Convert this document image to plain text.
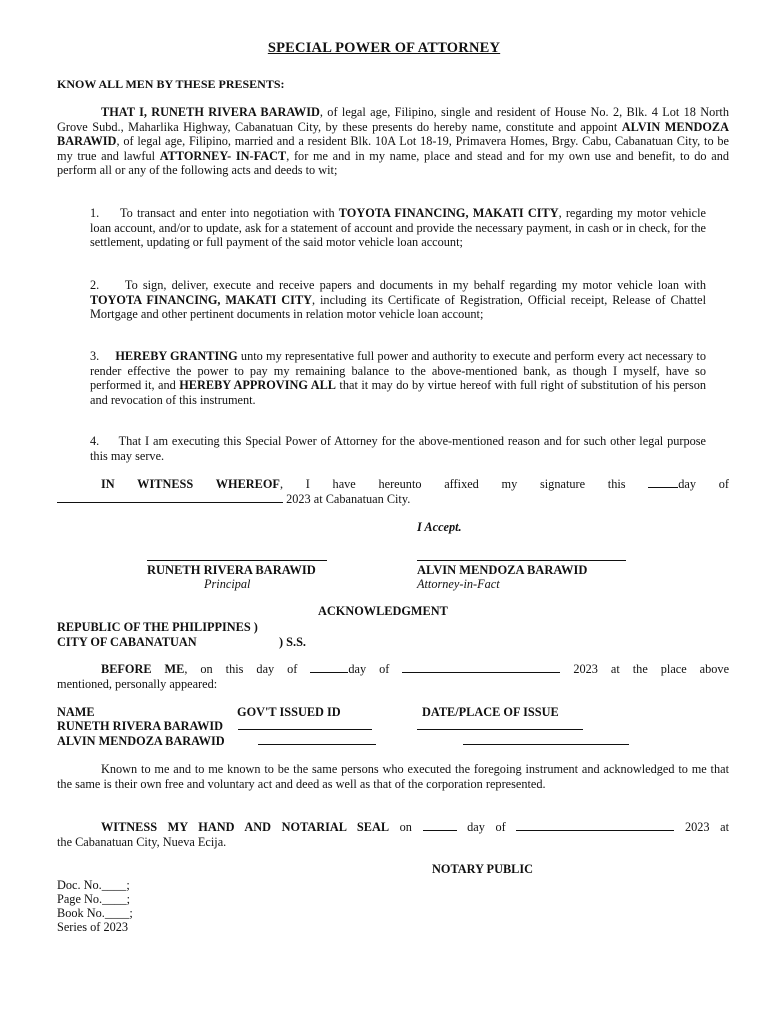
SPECIAL POWER OF ATTORNEY
KNOW ALL MEN BY THESE PRESENTS:
THAT I, RUNETH RIVERA BARAWID, of legal age, Filipino, single and resident of House No. 2, Blk. 4 Lot 18 North Grove Subd., Maharlika Highway, Cabanatuan City, by these presents do hereby name, constitute and appoint ALVIN MENDOZA BARAWID, of legal age, Filipino, married and a resident Blk. 10A Lot 18-19, Primavera Homes, Brgy. Cabu, Cabanatuan City, to be my true and lawful ATTORNEY- IN-FACT, for me and in my name, place and stead and for my own use and benefit, to do and perform all or any of the following acts and deeds to wit;
1. To transact and enter into negotiation with TOYOTA FINANCING, MAKATI CITY, regarding my motor vehicle loan account, and/or to update, ask for a statement of account and provide the necessary payment, in cash or in check, for the settlement, updating or full payment of the said motor vehicle loan account;
2. To sign, deliver, execute and receive papers and documents in my behalf regarding my motor vehicle loan with TOYOTA FINANCING, MAKATI CITY, including its Certificate of Registration, Official receipt, Release of Chattel Mortgage and other pertinent documents in relation motor vehicle loan account;
3. HEREBY GRANTING unto my representative full power and authority to execute and perform every act necessary to render effective the power to pay my remaining balance to the above-mentioned bank, as though I myself, have so performed it, and HEREBY APPROVING ALL that it may do by virtue hereof with full right of substitution of his person and revocation of this instrument.
4. That I am executing this Special Power of Attorney for the above-mentioned reason and for such other legal purpose this may serve.
IN WITNESS WHEREOF, I have hereunto affixed my signature this	day of
2023 at Cabanatuan City.
I Accept.
RUNETH RIVERA BARAWID
Principal
ALVIN MENDOZA BARAWID
Attorney-in-Fact
ACKNOWLEDGMENT
REPUBLIC OF THE PHILIPPINES )
CITY OF CABANATUAN	) S.S.
BEFORE ME, on this day of	day of	2023 at the place above
mentioned, personally appeared:
NAME	GOV'T ISSUED ID	DATE/PLACE OF ISSUE
RUNETH RIVERA BARAWID
ALVIN MENDOZA BARAWID
Known to me and to me known to be the same persons who executed the foregoing instrument and acknowledged to me that the same is their own free and voluntary act and deed as well as that of the corporation represented.
WITNESS MY HAND AND NOTARIAL SEAL on	day of	2023 at
the Cabanatuan City, Nueva Ecija.
NOTARY PUBLIC
Doc. No.____;
Page No.____;
Book No.____;
Series of 2023
